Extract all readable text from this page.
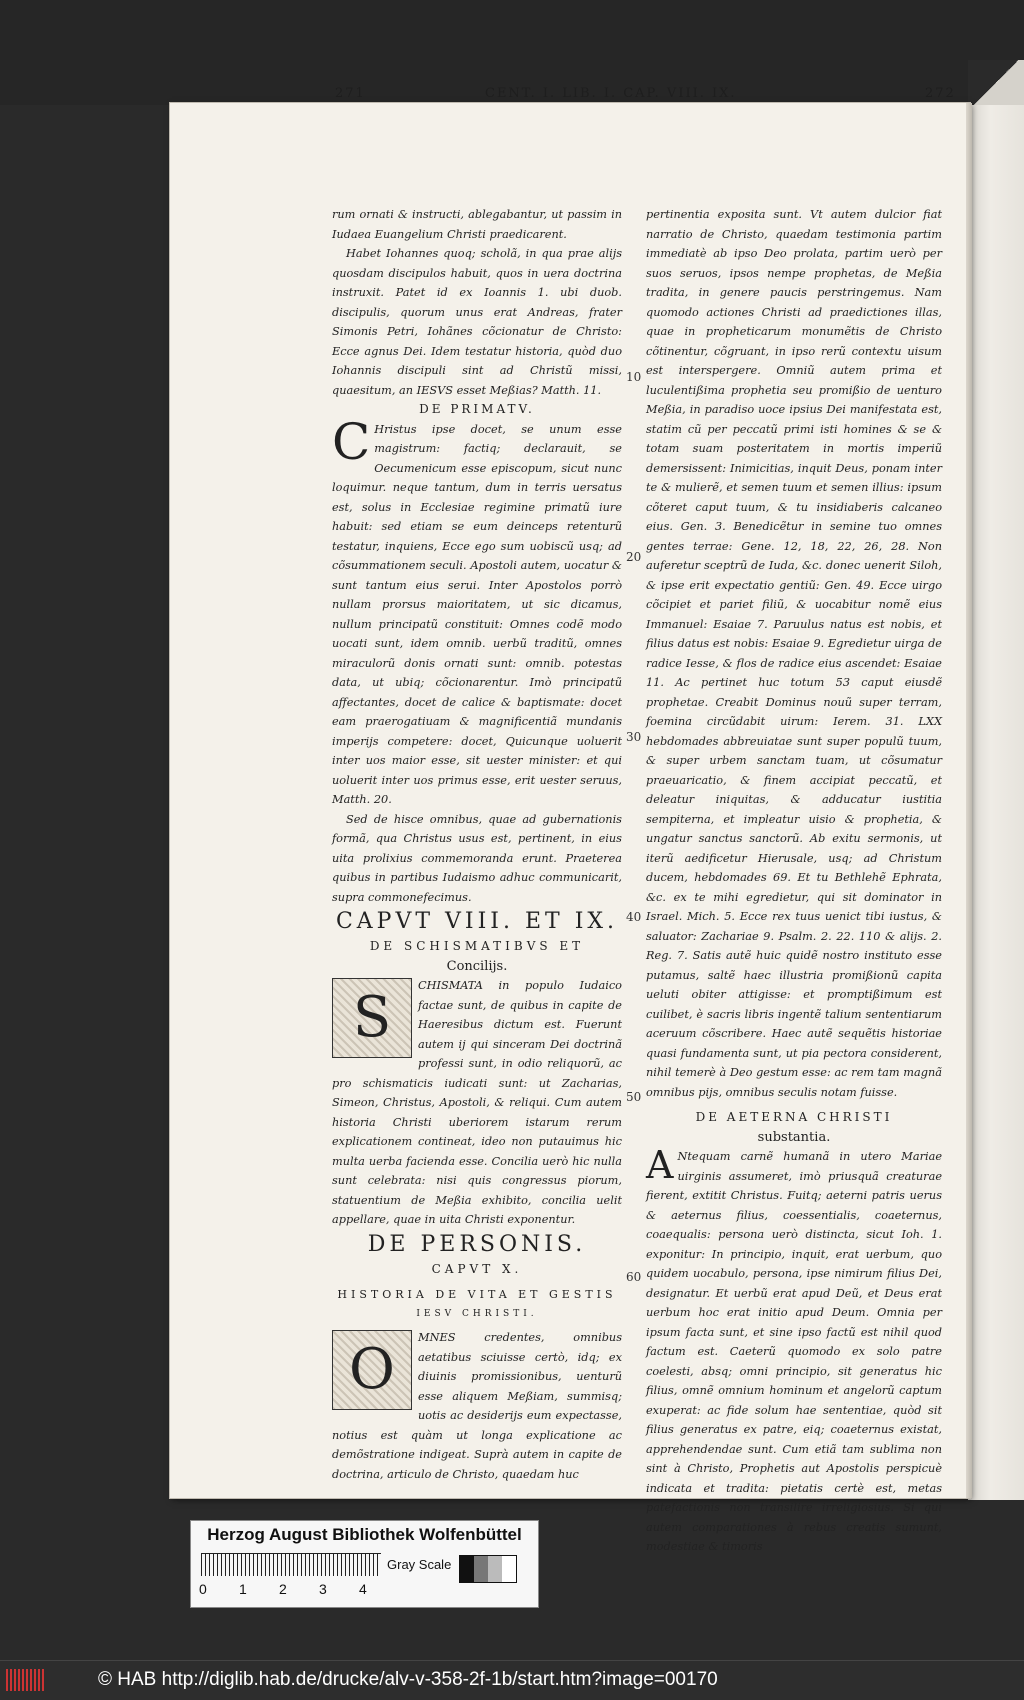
271	CENT. I. LIB. I. CAP. VIII. IX.	272

rum ornati & instructi, ablegabantur, ut passim in Iudaea Euangelium Christi praedicarent.

Habet Iohannes quoq; scholã, in qua prae alijs quosdam discipulos habuit, quos in uera doctrina instruxit. Patet id ex Ioannis 1. ubi duob. discipulis, quorum unus erat Andreas, frater Simonis Petri, Iohãnes cõcionatur de Christo: Ecce agnus Dei. Idem testatur historia, quòd duo Iohannis discipuli sint ad Christũ missi, quaesitum, an IESVS esset Meßias? Matth. 11.

DE PRIMATV.

C Hristus ipse docet, se unum esse magistrum: factiq; declarauit, se Oecumenicum esse episcopum, sicut nunc loquimur. neque tantum, dum in terris uersatus est, solus in Ecclesiae regimine primatũ iure habuit: sed etiam se eum deinceps retenturũ testatur, inquiens, Ecce ego sum uobiscũ usq; ad cõsummationem seculi. Apostoli autem, uocatur & sunt tantum eius serui. Inter Apostolos porrò nullam prorsus maioritatem, ut sic dicamus, nullum principatũ constituit: Omnes codẽ modo uocati sunt, idem omnib. uerbũ traditũ, omnes miraculorũ donis ornati sunt: omnib. potestas data, ut ubiq; cõcionarentur. Imò principatũ affectantes, docet de calice & baptismate: docet eam praerogatiuam & magnificentiã mundanis imperijs competere: docet, Quicunque uoluerit inter uos maior esse, sit uester minister: et qui uoluerit inter uos primus esse, erit uester seruus, Matth. 20.

Sed de hisce omnibus, quae ad gubernationis formã, qua Christus usus est, pertinent, in eius uita prolixius commemoranda erunt. Praeterea quibus in partibus Iudaismo adhuc communicarit, supra commonefecimus.

CAPVT VIII. ET IX.

DE SCHISMATIBVS ET

Concilijs.

S	CHISMATA in populo Iudaico factae sunt, de quibus in capite de Haeresibus dictum est. Fuerunt autem ij qui sinceram Dei doctrinã professi sunt, in odio reliquorũ, ac pro schismaticis iudicati sunt: ut Zacharias, Simeon, Christus, Apostoli, & reliqui. Cum autem historia Christi uberiorem istarum rerum explicationem contineat, ideo non putauimus hic multa uerba facienda esse. Concilia uerò hic nulla sunt celebrata: nisi quis congressus piorum, statuentium de Meßia exhibito, concilia uelit appellare, quae in uita Christi exponentur.

DE PERSONIS.

CAPVT X.

HISTORIA DE VITA ET GESTIS

IESV CHRISTI.

O	MNES credentes, omnibus aetatibus sciuisse certò, idq; ex diuinis promissionibus, uenturũ esse aliquem Meßiam, summisq; uotis ac desiderijs eum expectasse, notius est quàm ut longa explicatione ac demõstratione indigeat. Suprà autem in capite de doctrina, articulo de Christo, quaedam huc

10
20
30
40
50
60

pertinentia exposita sunt. Vt autem dulcior fiat narratio de Christo, quaedam testimonia partim immediatè ab ipso Deo prolata, partim uerò per suos seruos, ipsos nempe prophetas, de Meßia tradita, in genere paucis perstringemus. Nam quomodo actiones Christi ad praedictiones illas, quae in propheticarum monumẽtis de Christo cõtinentur, cõgruant, in ipso rerũ contextu uisum est interspergere. Omniũ autem prima et luculentißima prophetia seu promißio de uenturo Meßia, in paradiso uoce ipsius Dei manifestata est, statim cũ per peccatũ primi isti homines & se & totam suam posteritatem in mortis imperiũ demersissent: Inimicitias, inquit Deus, ponam inter te & mulierẽ, et semen tuum et semen illius: ipsum cõteret caput tuum, & tu insidiaberis calcaneo eius. Gen. 3. Benedicẽtur in semine tuo omnes gentes terrae: Gene. 12, 18, 22, 26, 28. Non auferetur sceptrũ de Iuda, &c. donec uenerit Siloh, & ipse erit expectatio gentiũ: Gen. 49. Ecce uirgo cõcipiet et pariet filiũ, & uocabitur nomẽ eius Immanuel: Esaiae 7. Paruulus natus est nobis, et filius datus est nobis: Esaiae 9. Egredietur uirga de radice Iesse, & flos de radice eius ascendet: Esaiae 11. Ac pertinet huc totum 53 caput eiusdẽ prophetae. Creabit Dominus nouũ super terram, foemina circũdabit uirum: Ierem. 31. LXX hebdomades abbreuiatae sunt super populũ tuum, & super urbem sanctam tuam, ut cõsumatur praeuaricatio, & finem accipiat peccatũ, et deleatur iniquitas, & adducatur iustitia sempiterna, et impleatur uisio & prophetia, & ungatur sanctus sanctorũ. Ab exitu sermonis, ut iterũ aedificetur Hierusale, usq; ad Christum ducem, hebdomades 69. Et tu Bethlehẽ Ephrata, &c. ex te mihi egredietur, qui sit dominator in Israel. Mich. 5. Ecce rex tuus uenict tibi iustus, & saluator: Zachariae 9. Psalm. 2. 22. 110 & alijs. 2. Reg. 7. Satis autẽ huic quidẽ nostro instituto esse putamus, saltẽ haec illustria promißionũ capita ueluti obiter attigisse: et promptißimum est cuilibet, è sacris libris ingentẽ talium sententiarum aceruum cõscribere. Haec autẽ sequẽtis historiae quasi fundamenta sunt, ut pia pectora considerent, nihil temerè à Deo gestum esse: ac rem tam magnã omnibus pijs, omnibus seculis notam fuisse.

DE AETERNA CHRISTI

substantia.

A Ntequam carnẽ humanã in utero Mariae uirginis assumeret, imò priusquã creaturae fierent, extitit Christus. Fuitq; aeterni patris uerus & aeternus filius, coessentialis, coaeternus, coaequalis: persona uerò distincta, sicut Ioh. 1. exponitur: In principio, inquit, erat uerbum, quo quidem uocabulo, persona, ipse nimirum filius Dei, designatur. Et uerbũ erat apud Deũ, et Deus erat uerbum hoc erat initio apud Deum. Omnia per ipsum facta sunt, et sine ipso factũ est nihil quod factum est. Caeterũ quomodo ex solo patre coelesti, absq; omni principio, sit generatus hic filius, omnẽ omnium hominum et angelorũ captum exuperat: ac fide solum hae sententiae, quòd sit filius generatus ex patre, eiq; coaeternus existat, apprehendendae sunt. Cum etiã tam sublima non sint à Christo, Prophetis aut Apostolis perspicuè indicata et tradita: pietatis certè est, metas patefactionis non transilire irreligiosius. Si qui autem comparationes à rebus creatis sumunt, modestiae & timoris

Herzog August Bibliothek Wolfenbüttel
0 1 2 3 4
Gray Scale
© HAB http://diglib.hab.de/drucke/alv-v-358-2f-1b/start.htm?image=00170
